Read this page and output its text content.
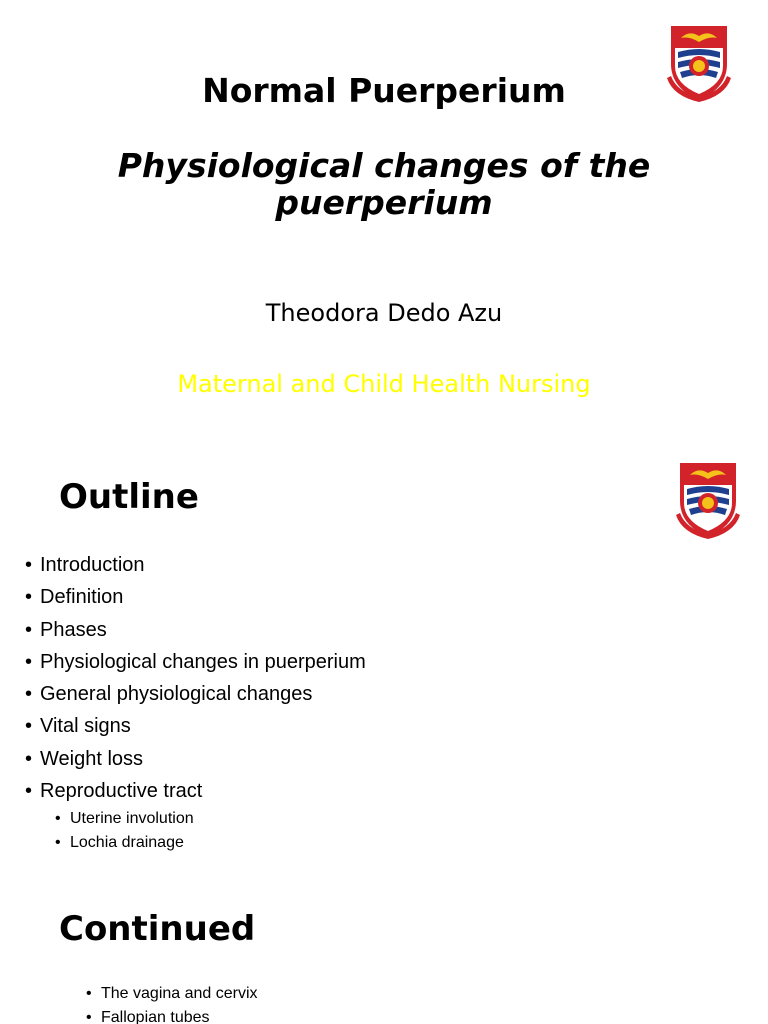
Normal Puerperium
Physiological changes of the puerperium
Theodora Dedo Azu
Maternal and Child Health Nursing
Outline
• Introduction
• Definition
• Phases
• Physiological changes in puerperium
• General physiological changes
• Vital signs
• Weight loss
• Reproductive tract
• Uterine involution
• Lochia drainage
Continued
• The vagina and cervix
• Fallopian tubes
